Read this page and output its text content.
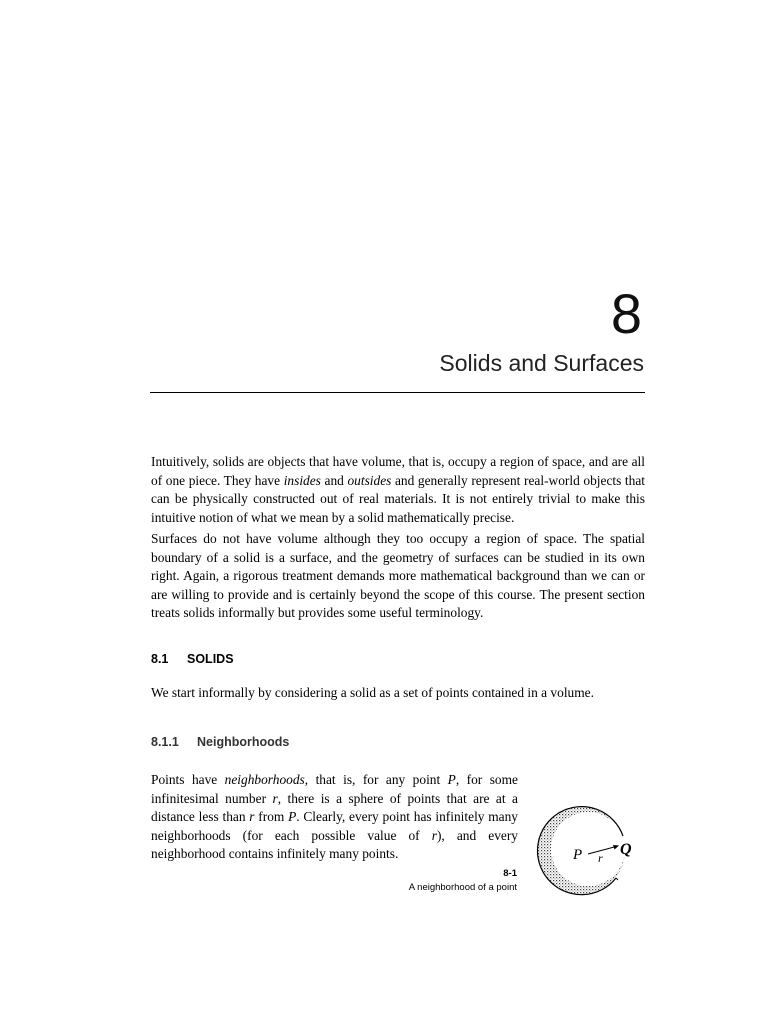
8
Solids and Surfaces

Intuitively, solids are objects that have volume, that is, occupy a region of space, and are all of one piece. They have insides and outsides and generally represent real-world objects that can be physically constructed out of real materials. It is not entirely trivial to make this intuitive notion of what we mean by a solid mathematically precise.

Surfaces do not have volume although they too occupy a region of space. The spatial boundary of a solid is a surface, and the geometry of surfaces can be studied in its own right. Again, a rigorous treatment demands more mathematical background than we can or are willing to provide and is certainly beyond the scope of this course. The present section treats solids informally but provides some useful terminology.

8.1 SOLIDS

We start informally by considering a solid as a set of points contained in a volume.

8.1.1 Neighborhoods

Points have neighborhoods, that is, for any point P, for some infinitesimal number r, there is a sphere of points that are at a distance less than r from P. Clearly, every point has infinitely many neighborhoods (for each possible value of r), and every neighborhood contains infinitely many points.	P r Q
8-1
A neighborhood of a point
